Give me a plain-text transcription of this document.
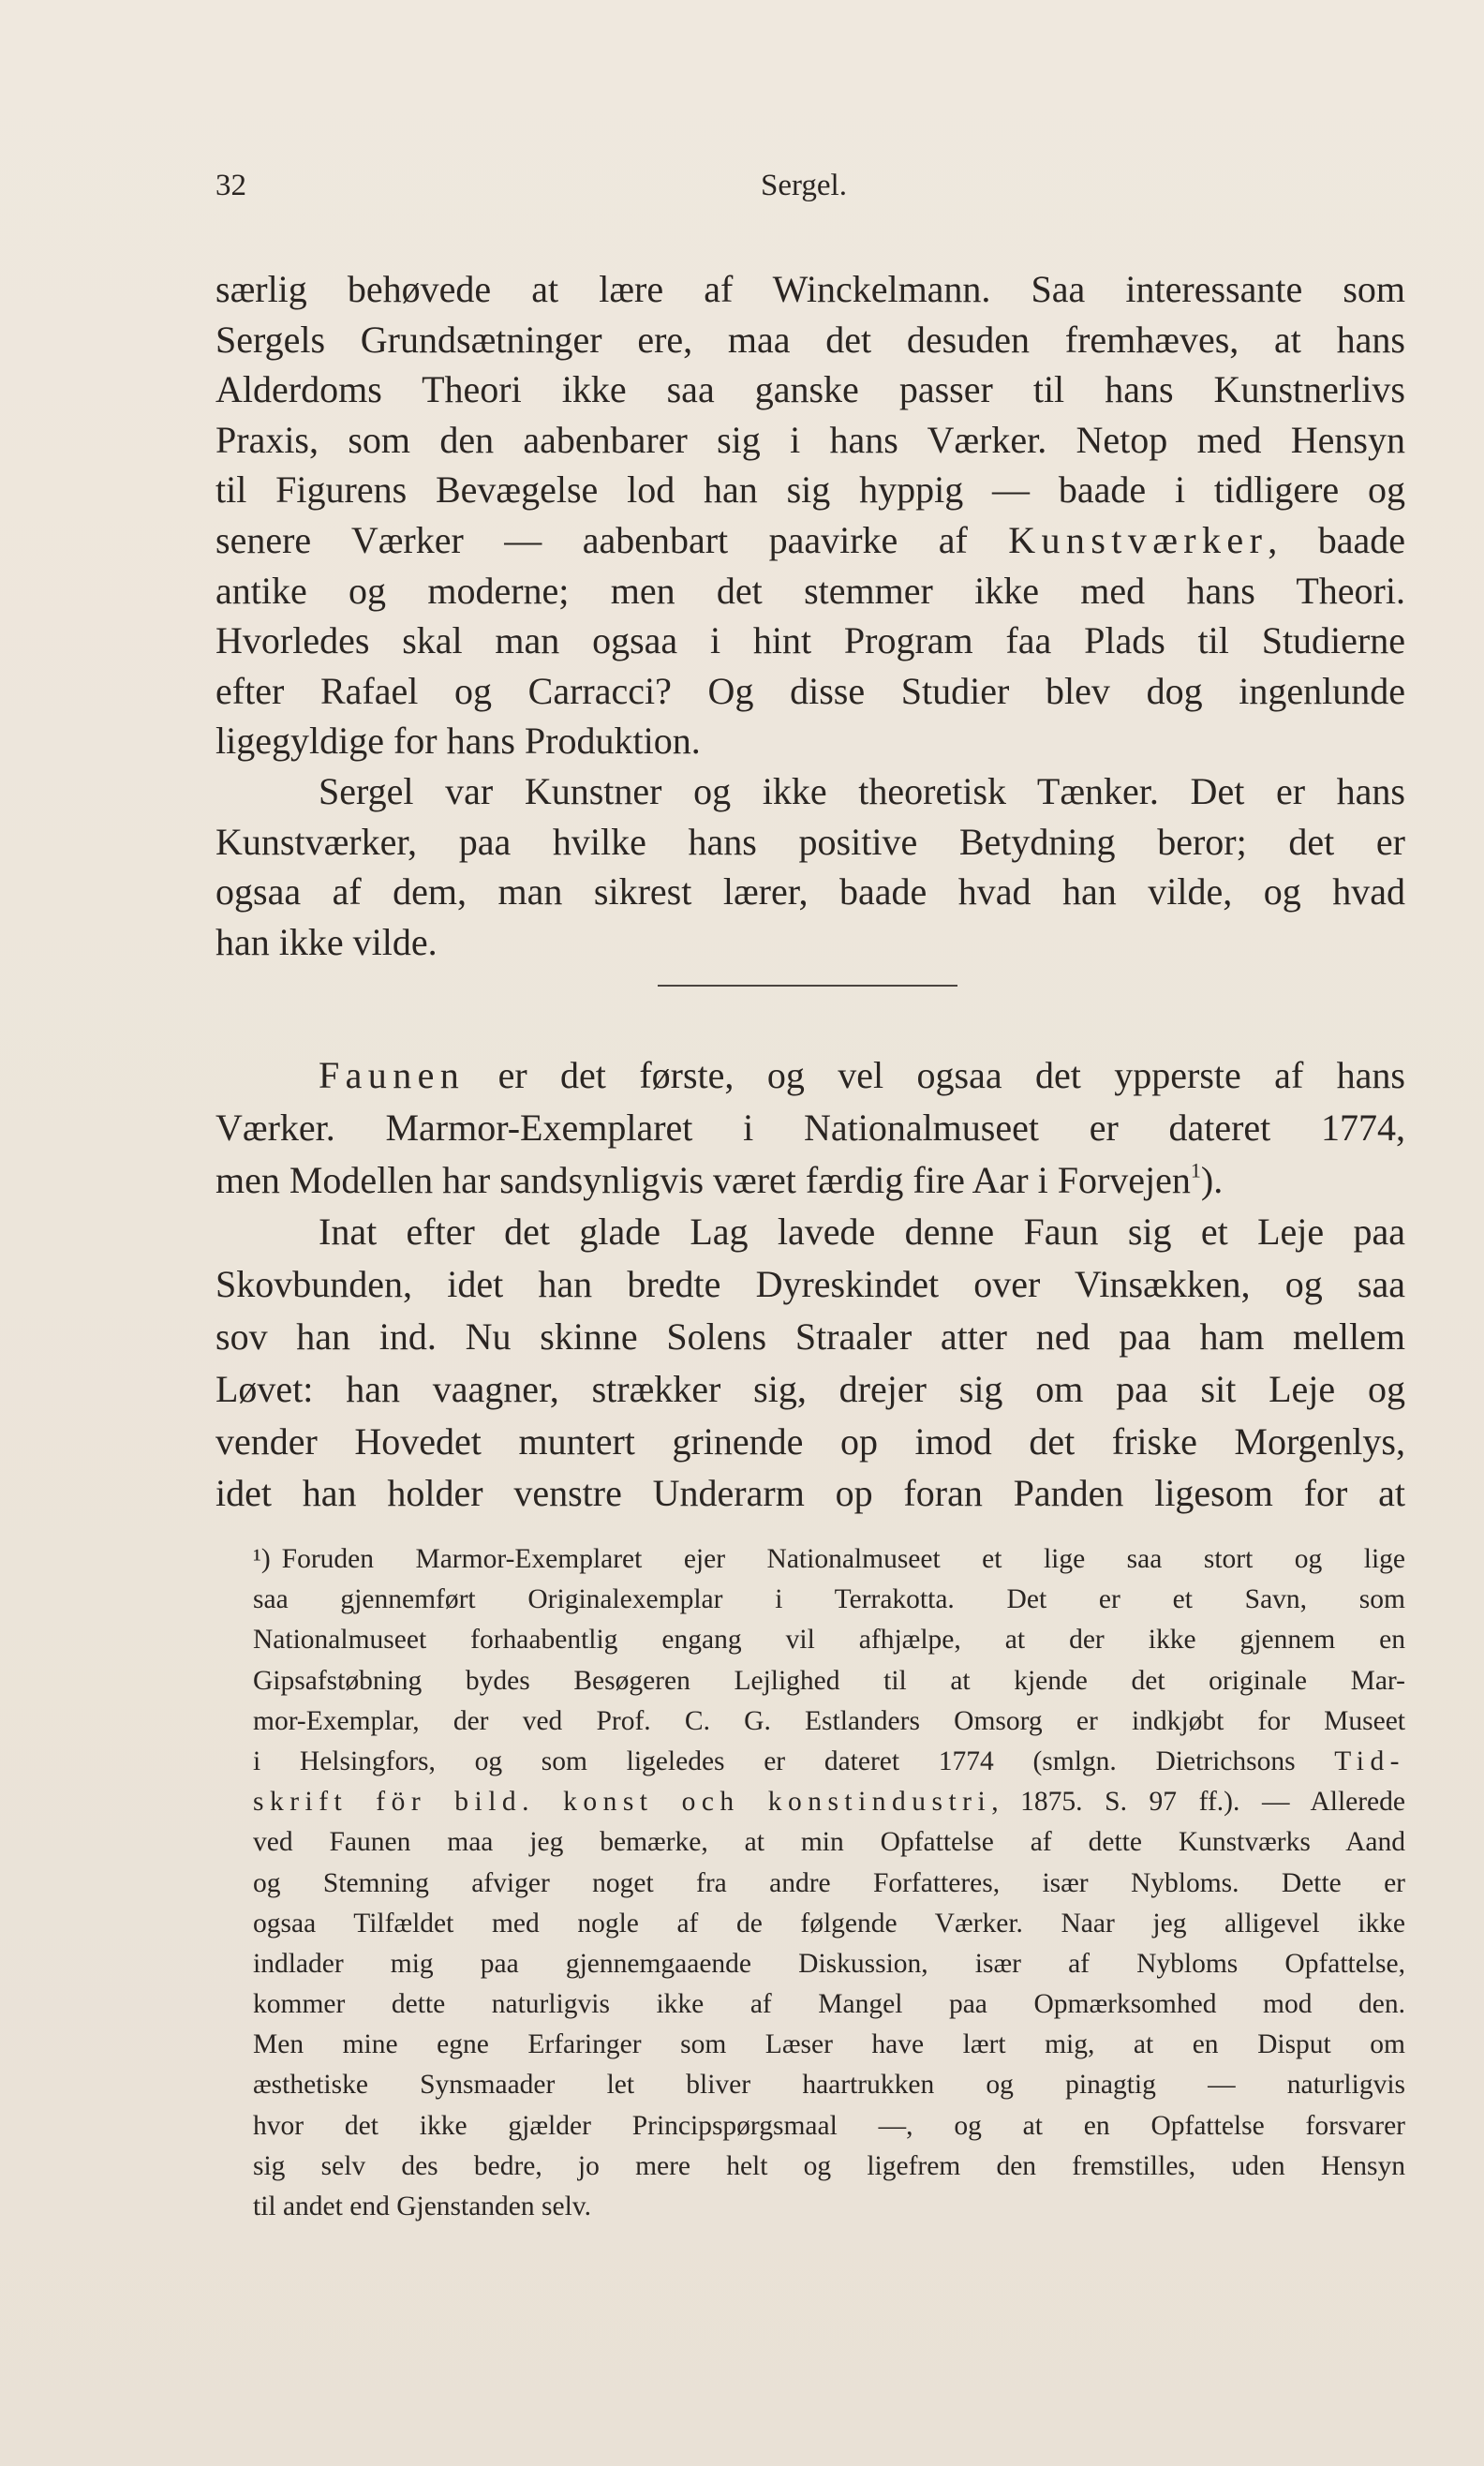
32	Sergel.
særlig behøvede at lære af Winckelmann. Saa interessante som
Sergels Grundsætninger ere, maa det desuden fremhæves, at hans
Alderdoms Theori ikke saa ganske passer til hans Kunstnerlivs
Praxis, som den aabenbarer sig i hans Værker. Netop med Hensyn
til Figurens Bevægelse lod han sig hyppig — baade i tidligere og
senere Værker — aabenbart paavirke af Kunstværker, baade
antike og moderne; men det stemmer ikke med hans Theori.
Hvorledes skal man ogsaa i hint Program faa Plads til Studierne
efter Rafael og Carracci? Og disse Studier blev dog ingenlunde
ligegyldige for hans Produktion.
Sergel var Kunstner og ikke theoretisk Tænker. Det er hans
Kunstværker, paa hvilke hans positive Betydning beror; det er
ogsaa af dem, man sikrest lærer, baade hvad han vilde, og hvad
han ikke vilde.
Faunen er det første, og vel ogsaa det ypperste af hans
Værker. Marmor-Exemplaret i Nationalmuseet er dateret 1774,
men Modellen har sandsynligvis været færdig fire Aar i Forvejen$^1$).
Inat efter det glade Lag lavede denne Faun sig et Leje paa
Skovbunden, idet han bredte Dyreskindet over Vinsækken, og saa
sov han ind. Nu skinne Solens Straaler atter ned paa ham mellem
Løvet: han vaagner, strækker sig, drejer sig om paa sit Leje og
vender Hovedet muntert grinende op imod det friske Morgenlys,
idet han holder venstre Underarm op foran Panden ligesom for at
¹) Foruden Marmor-Exemplaret ejer Nationalmuseet et lige saa stort og lige
saa gjennemført Originalexemplar i Terrakotta. Det er et Savn, som
Nationalmuseet forhaabentlig engang vil afhjælpe, at der ikke gjennem en
Gipsafstøbning bydes Besøgeren Lejlighed til at kjende det originale Mar-
mor-Exemplar, der ved Prof. C. G. Estlanders Omsorg er indkjøbt for Museet
i Helsingfors, og som ligeledes er dateret 1774 (smlgn. Dietrichsons Tid-
skrift för bild. konst och konstindustri, 1875. S. 97 ff.). — Allerede
ved Faunen maa jeg bemærke, at min Opfattelse af dette Kunstværks Aand
og Stemning afviger noget fra andre Forfatteres, især Nybloms. Dette er
ogsaa Tilfældet med nogle af de følgende Værker. Naar jeg alligevel ikke
indlader mig paa gjennemgaaende Diskussion, især af Nybloms Opfattelse,
kommer dette naturligvis ikke af Mangel paa Opmærksomhed mod den.
Men mine egne Erfaringer som Læser have lært mig, at en Disput om
æsthetiske Synsmaader let bliver haartrukken og pinagtig — naturligvis
hvor det ikke gjælder Principspørgsmaal —, og at en Opfattelse forsvarer
sig selv des bedre, jo mere helt og ligefrem den fremstilles, uden Hensyn
til andet end Gjenstanden selv.
